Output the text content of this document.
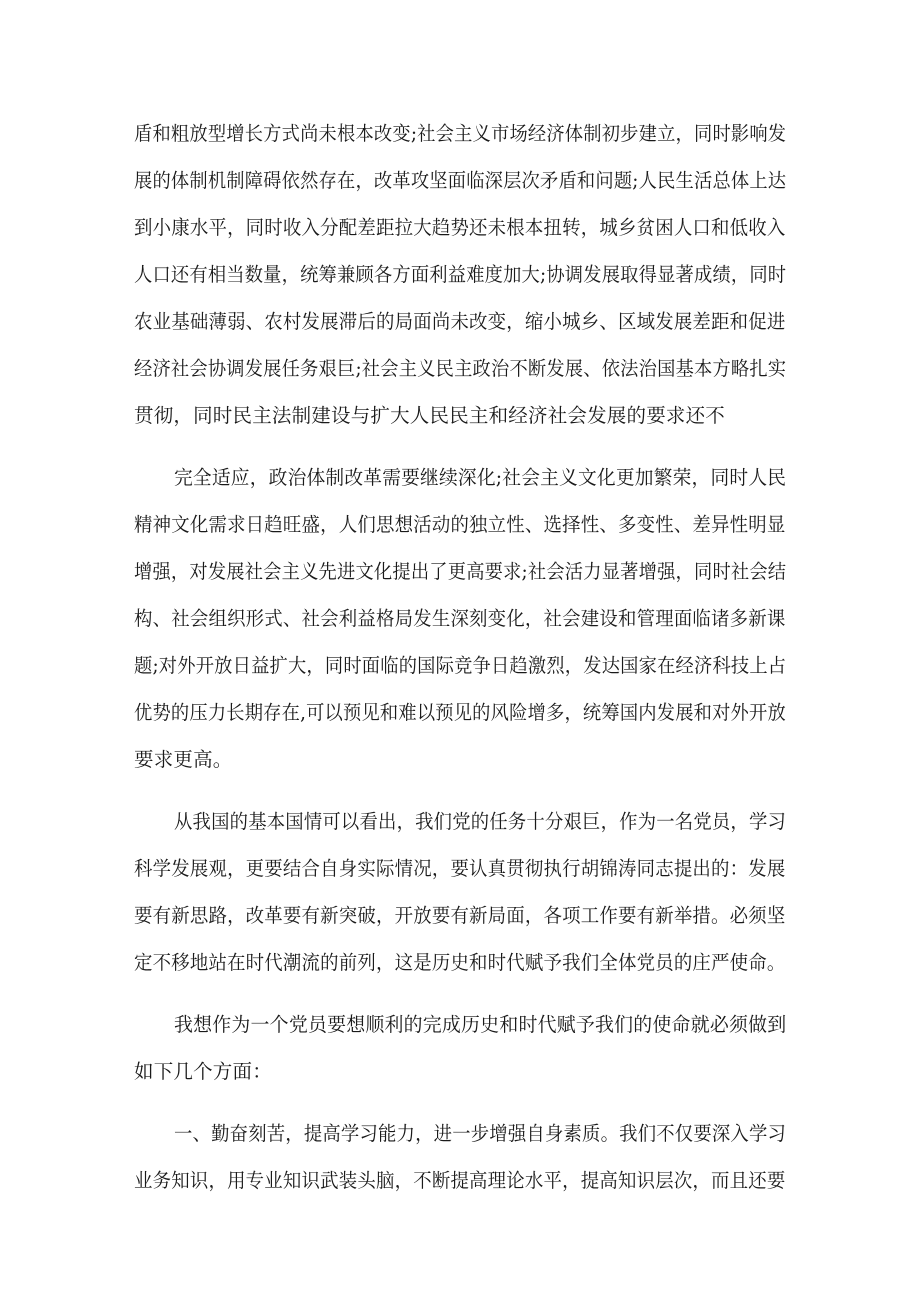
盾和粗放型增长方式尚未根本改变;社会主义市场经济体制初步建立，同时影响发
展的体制机制障碍依然存在，改革攻坚面临深层次矛盾和问题;人民生活总体上达
到小康水平，同时收入分配差距拉大趋势还未根本扭转，城乡贫困人口和低收入
人口还有相当数量，统筹兼顾各方面利益难度加大;协调发展取得显著成绩，同时
农业基础薄弱、农村发展滞后的局面尚未改变，缩小城乡、区域发展差距和促进
经济社会协调发展任务艰巨;社会主义民主政治不断发展、依法治国基本方略扎实
贯彻，同时民主法制建设与扩大人民民主和经济社会发展的要求还不
完全适应，政治体制改革需要继续深化;社会主义文化更加繁荣，同时人民
精神文化需求日趋旺盛，人们思想活动的独立性、选择性、多变性、差异性明显
增强，对发展社会主义先进文化提出了更高要求;社会活力显著增强，同时社会结
构、社会组织形式、社会利益格局发生深刻变化，社会建设和管理面临诸多新课
题;对外开放日益扩大，同时面临的国际竞争日趋激烈，发达国家在经济科技上占
优势的压力长期存在,可以预见和难以预见的风险增多，统筹国内发展和对外开放
要求更高。
从我国的基本国情可以看出，我们党的任务十分艰巨，作为一名党员，学习
科学发展观，更要结合自身实际情况，要认真贯彻执行胡锦涛同志提出的：发展
要有新思路，改革要有新突破，开放要有新局面，各项工作要有新举措。必须坚
定不移地站在时代潮流的前列，这是历史和时代赋予我们全体党员的庄严使命。
我想作为一个党员要想顺利的完成历史和时代赋予我们的使命就必须做到
如下几个方面：
一、勤奋刻苦，提高学习能力，进一步增强自身素质。我们不仅要深入学习
业务知识，用专业知识武装头脑，不断提高理论水平，提高知识层次，而且还要
